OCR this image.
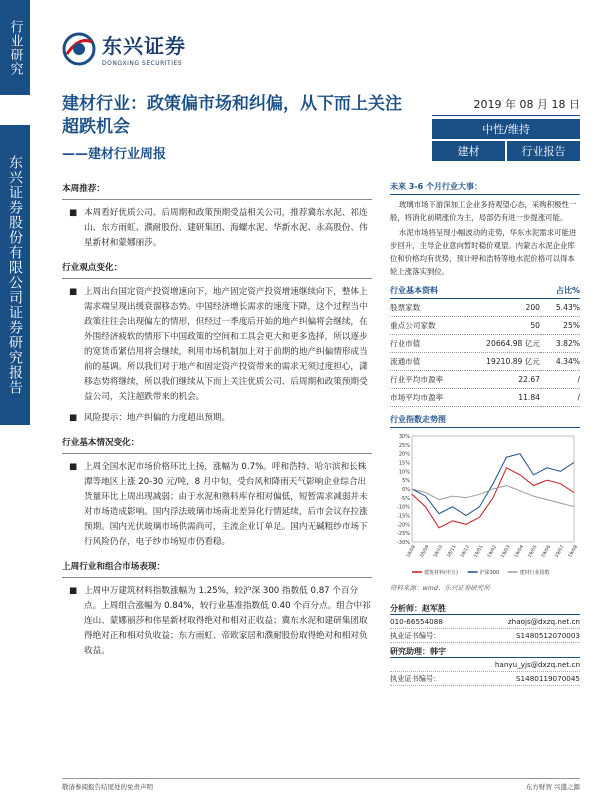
行业研究
东兴证券股份有限公司证券研究报告
东兴证券
DONGXING SECURITIES
建材行业：政策偏市场和纠偏，从下而上关注超跌机会
——建材行业周报
2019 年 08 月 18 日
中性/维持
建材	行业报告
本周推荐：
■ 本周看好优质公司、后周期和政策预期受益相关公司，推荐冀东水泥、祁连山、东方雨虹、濮耐股份、建研集团、海螺水泥、华新水泥、永高股份、伟星新材和蒙娜丽莎。
行业观点变化：
■ 上周出台国定资产投资增速向下，地产固定资产投资增速继续向下，整体上需求端呈现出缓衰溜移态势。中国经济增长需求的速度下降，这个过程当中政策往往会出现偏左的情形，但经过一季度后开始的地产纠偏将会继续，在外围经济疲软的情形下中国政策的空间和工具会更大和更多选择，所以逐步的宽货币紧信用将会继续，利用市场机制加上对于前期的地产纠偏情形成当前的基调。所以我们对于地产和固定资产投资带来的需求无须过度担心，潇移态势将继续，所以我们继续从下而上关注优质公司、后周期和政策预期受益公司，关注超跌带来的机会。
■ 风险提示：地产纠偏的力度超出预期。
行业基本情况变化：
■ 上周全国水泥市场价格环比上扬，涨幅为 0.7%。呼和浩特、哈尔滨和长株潭等地区上涨 20-30 元/吨，8 月中旬，受台风和降雨天气影响企业综合出货量环比上周出现减弱；由于水泥和熟料库存相对偏低，短暂需求减弱并未对市场造成影响。国内浮法玻璃市场南北差异化行情延续，后市会议存拉涨预期。国内光伏玻璃市场供需尚可，主流企业订单足。国内无碱粗纱市场下行风险仍存，电子纱市场短市仍看稳。
上周行业和组合市场表现：
■ 上周申万建筑材料指数涨幅为 1.25%，较沪深 300 指数低 0.87 个百分点。上周组合涨幅为 0.84%，较行业基准指数低 0.40 个百分点。组合中祁连山、蒙娜丽莎和伟星新材取得绝对和相对正收益；冀东水泥和建研集团取得绝对正和相对负收益；东方雨虹、帝欧家居和濮耐股份取得绝对和相对负收益。
未来 3-6 个月行业大事：
玻璃市场下游深加工企业多持观望心态，采购积极性一般，将消化前期涨价为主，局部仍有进一步提涨可能。
水泥市场将呈现小幅波动的走势，华东水泥需求可能进步回升，主导企业意向暂时稳价观望。内蒙古水泥企业库位和价格均有优势，预计呼和浩特等地水泥价格可以得本轮上涨落实到位。
行业基本资料	占比%
股票家数	200	5.43%
重点公司家数	50	25%
行业市值	20664.98 亿元	3.82%
流通市值	19210.89 亿元	4.34%
行业平均市盈率	22.67	/
市场平均市盈率	11.84	/
行业指数走势图
30%
25%
20%
15%
10%
5%
0%
-5%
-10%
-15%
-20%
-25%
-30%
18/08 18/09 18/10 18/11 18/12 19/01 19/02 19/03 19/04 19/05 19/06 19/07 19/08
建筑材料(申万)	沪深300	建材行业指数
资料来源：wind、东兴证券研究所
分析师：赵军胜
010-66554088	zhaojs@dxzq.net.cn
执业证书编号：	S1480512070003
研究助理：韩宇
hanyu_yjs@dxzq.net.cn
执业证书编号：	S1480119070045
敬请参阅报告结尾处的免责声明	东方财智 兴盛之源
